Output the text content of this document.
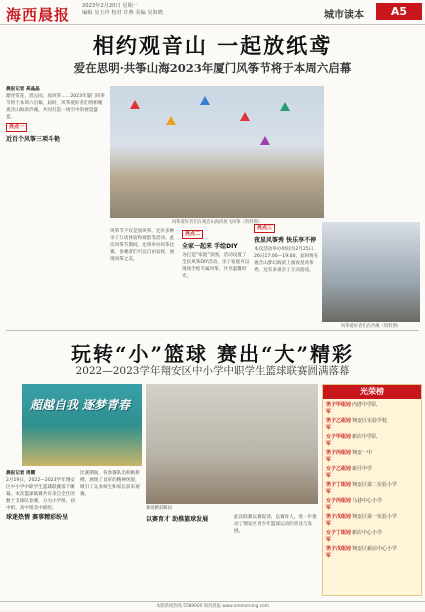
海西晨报 2023年2月20日 星期一
编辑 吴玉玲 校对 许燕 美编 吴海晓	城市读本	A5
相约观音山 一起放纸鸢
爱在思明·共筝山海2023年厦门风筝节将于本周六启幕
晨报记者 高晶晶
踏青赏花，逛公园，放风筝……2023年厦门风筝节将于本周六启幕，届时，风筝爱好者们将相聚观音山海滨沙滩，共同打造一场空中的视觉盛宴。
亮点一
近百个风筝三项斗艳
风筝爱好者们在观音山海滨放飞风筝（资料图）
风筝节不仅是放风筝，还有多种亲子互动体验和观影等活动。此次风筝节期间，还将举办风筝比赛，参赛者们可以自由发挥，展现风筝之美。
亮点二
全家一起来 手绘DIY
为打造“家庭”氛围，活动设置了全民风筝DIY活动，亲子家庭可以现场手绘专属风筝，共享温馨时光。
亮点三
夜星风筝秀 快乐享不停
本次活动举办时间为2月25日、26日17:00—19:00，届时将在观音山梦幻海滨上演夜星风筝秀，还有多项亲子互动游戏。
风筝爱好者们在沙滩（资料图）
玩转“小”篮球 赛出“大”精彩
2022—2023学年翔安区中小学中职学生篮球联赛圆满落幕
超越自我 逐梦青春
晨报记者 周鹏
2月19日，2022—2023学年翔安区中小学中职学生篮球联赛落下帷幕。本次篮球联赛共有来自全区的数十支球队参赛，分为小学组、初中组、高中组及中职组。
球迷热情 赛事精彩纷呈
比赛期间，各参赛队员积极拼搏，展现了良好的精神风貌，吸引了众多师生和家长前来观赛。
赛场精彩瞬间
以赛育才 助推篮球发展	此次联赛以赛促训、以赛育人，进一步推动了翔安区青少年篮球运动的普及与发展。
光荣榜
男子甲组冠军
内厝中学队
男子乙组冠军
翔安区实验学校
女子甲组冠军
新店中学队
男子丙组冠军
翔安一中
女子乙组冠军
新圩中学
男子丁组冠军
翔安区第二实验小学
女子丙组冠军
马巷中心小学
男子戊组冠军
翔安区第一实验小学
女子丁组冠军
新店中心小学
男子戊组冠军
翔安区新店中心小学
本版新闻热线 5589000 海西晨报 www.xmmorning.com
